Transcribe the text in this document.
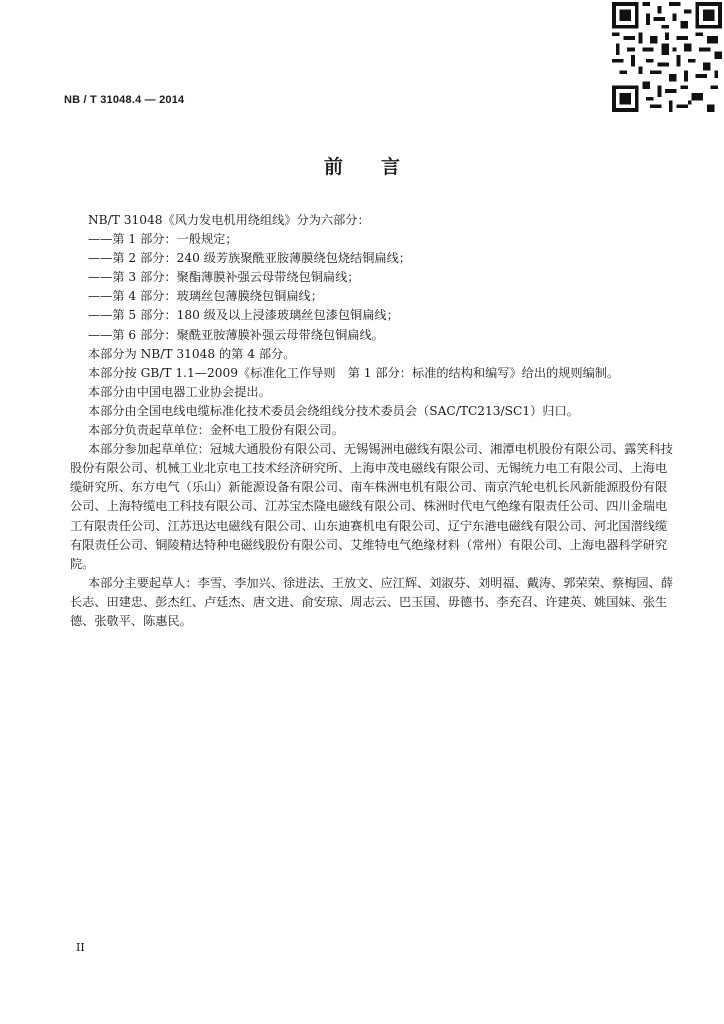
NB / T 31048.4 — 2014
前言

NB/T 31048《风力发电机用绕组线》分为六部分：

——第 1 部分：一般规定；

——第 2 部分：240 级芳族聚酰亚胺薄膜绕包烧结铜扁线；

——第 3 部分：聚酯薄膜补强云母带绕包铜扁线；

——第 4 部分：玻璃丝包薄膜绕包铜扁线；

——第 5 部分：180 级及以上浸漆玻璃丝包漆包铜扁线；

——第 6 部分：聚酰亚胺薄膜补强云母带绕包铜扁线。

本部分为 NB/T 31048 的第 4 部分。

本部分按 GB/T 1.1—2009《标准化工作导则　第 1 部分：标准的结构和编写》给出的规则编制。

本部分由中国电器工业协会提出。

本部分由全国电线电缆标准化技术委员会绕组线分技术委员会（SAC/TC213/SC1）归口。

本部分负责起草单位：金杯电工股份有限公司。

本部分参加起草单位：冠城大通股份有限公司、无锡锡洲电磁线有限公司、湘潭电机股份有限公司、露笑科技股份有限公司、机械工业北京电工技术经济研究所、上海申茂电磁线有限公司、无锡统力电工有限公司、上海电缆研究所、东方电气（乐山）新能源设备有限公司、南车株洲电机有限公司、南京汽轮电机长风新能源股份有限公司、上海特缆电工科技有限公司、江苏宝杰隆电磁线有限公司、株洲时代电气绝缘有限责任公司、四川金瑞电工有限责任公司、江苏迅达电磁线有限公司、山东迪赛机电有限公司、辽宁东港电磁线有限公司、河北国潜线缆有限责任公司、铜陵精达特种电磁线股份有限公司、艾维特电气绝缘材料（常州）有限公司、上海电器科学研究院。

本部分主要起草人：李雪、李加兴、徐进法、王放文、应江辉、刘淑芬、刘明福、戴涛、郭荣荣、蔡梅园、薛长志、田建忠、彭杰红、卢廷杰、唐文进、俞安琼、周志云、巴玉国、毋德书、李充召、许建英、姚国妹、张生德、张敬平、陈惠民。

II
